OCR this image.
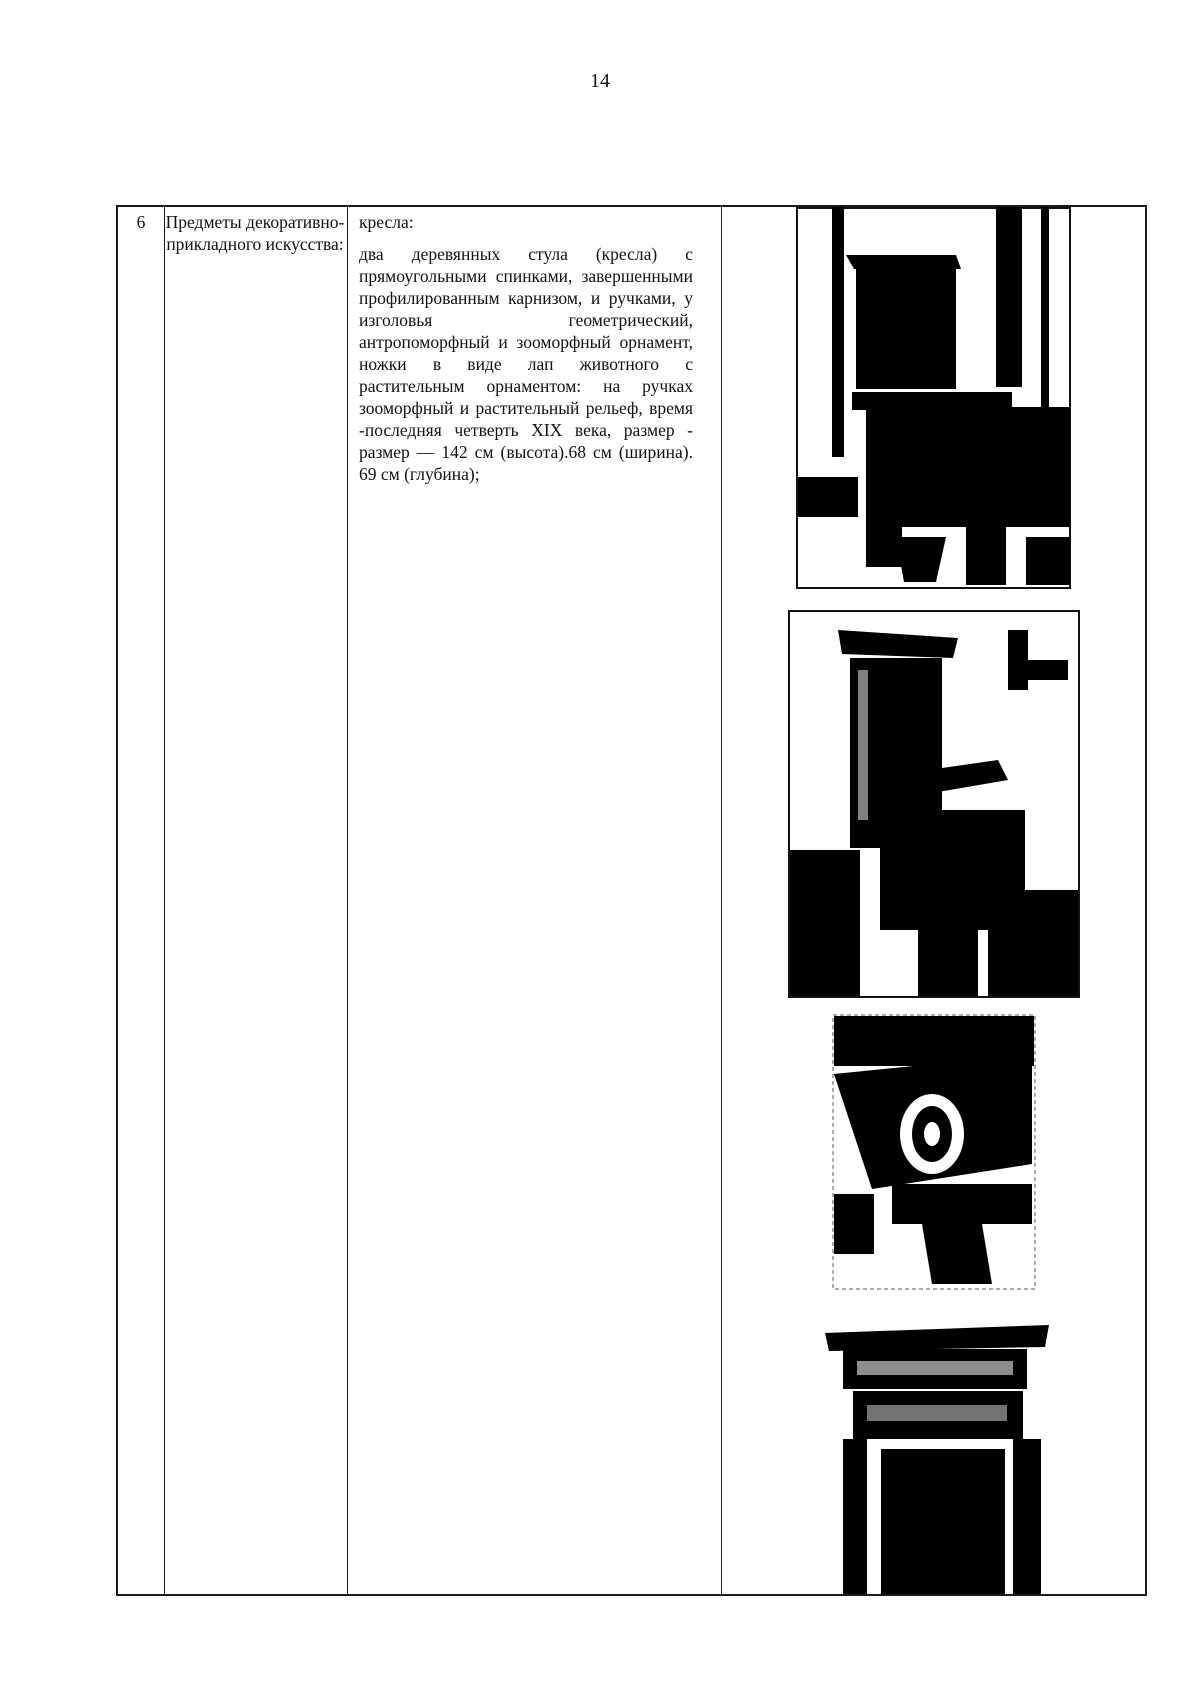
14
6	Предметы декоративно-прикладного искусства:

кресла:

два деревянных стула (кресла) с прямоугольными спинками, завершенными профилированным карнизом, и ручками, у изголовья геометрический, антропоморфный и зооморфный орнамент, ножки в виде лап животного с растительным орнаментом: на ручках зооморфный и растительный рельеф, время -последняя четверть XIX века, размер - размер — 142 см (высота).68 см (ширина). 69 см (глубина);
